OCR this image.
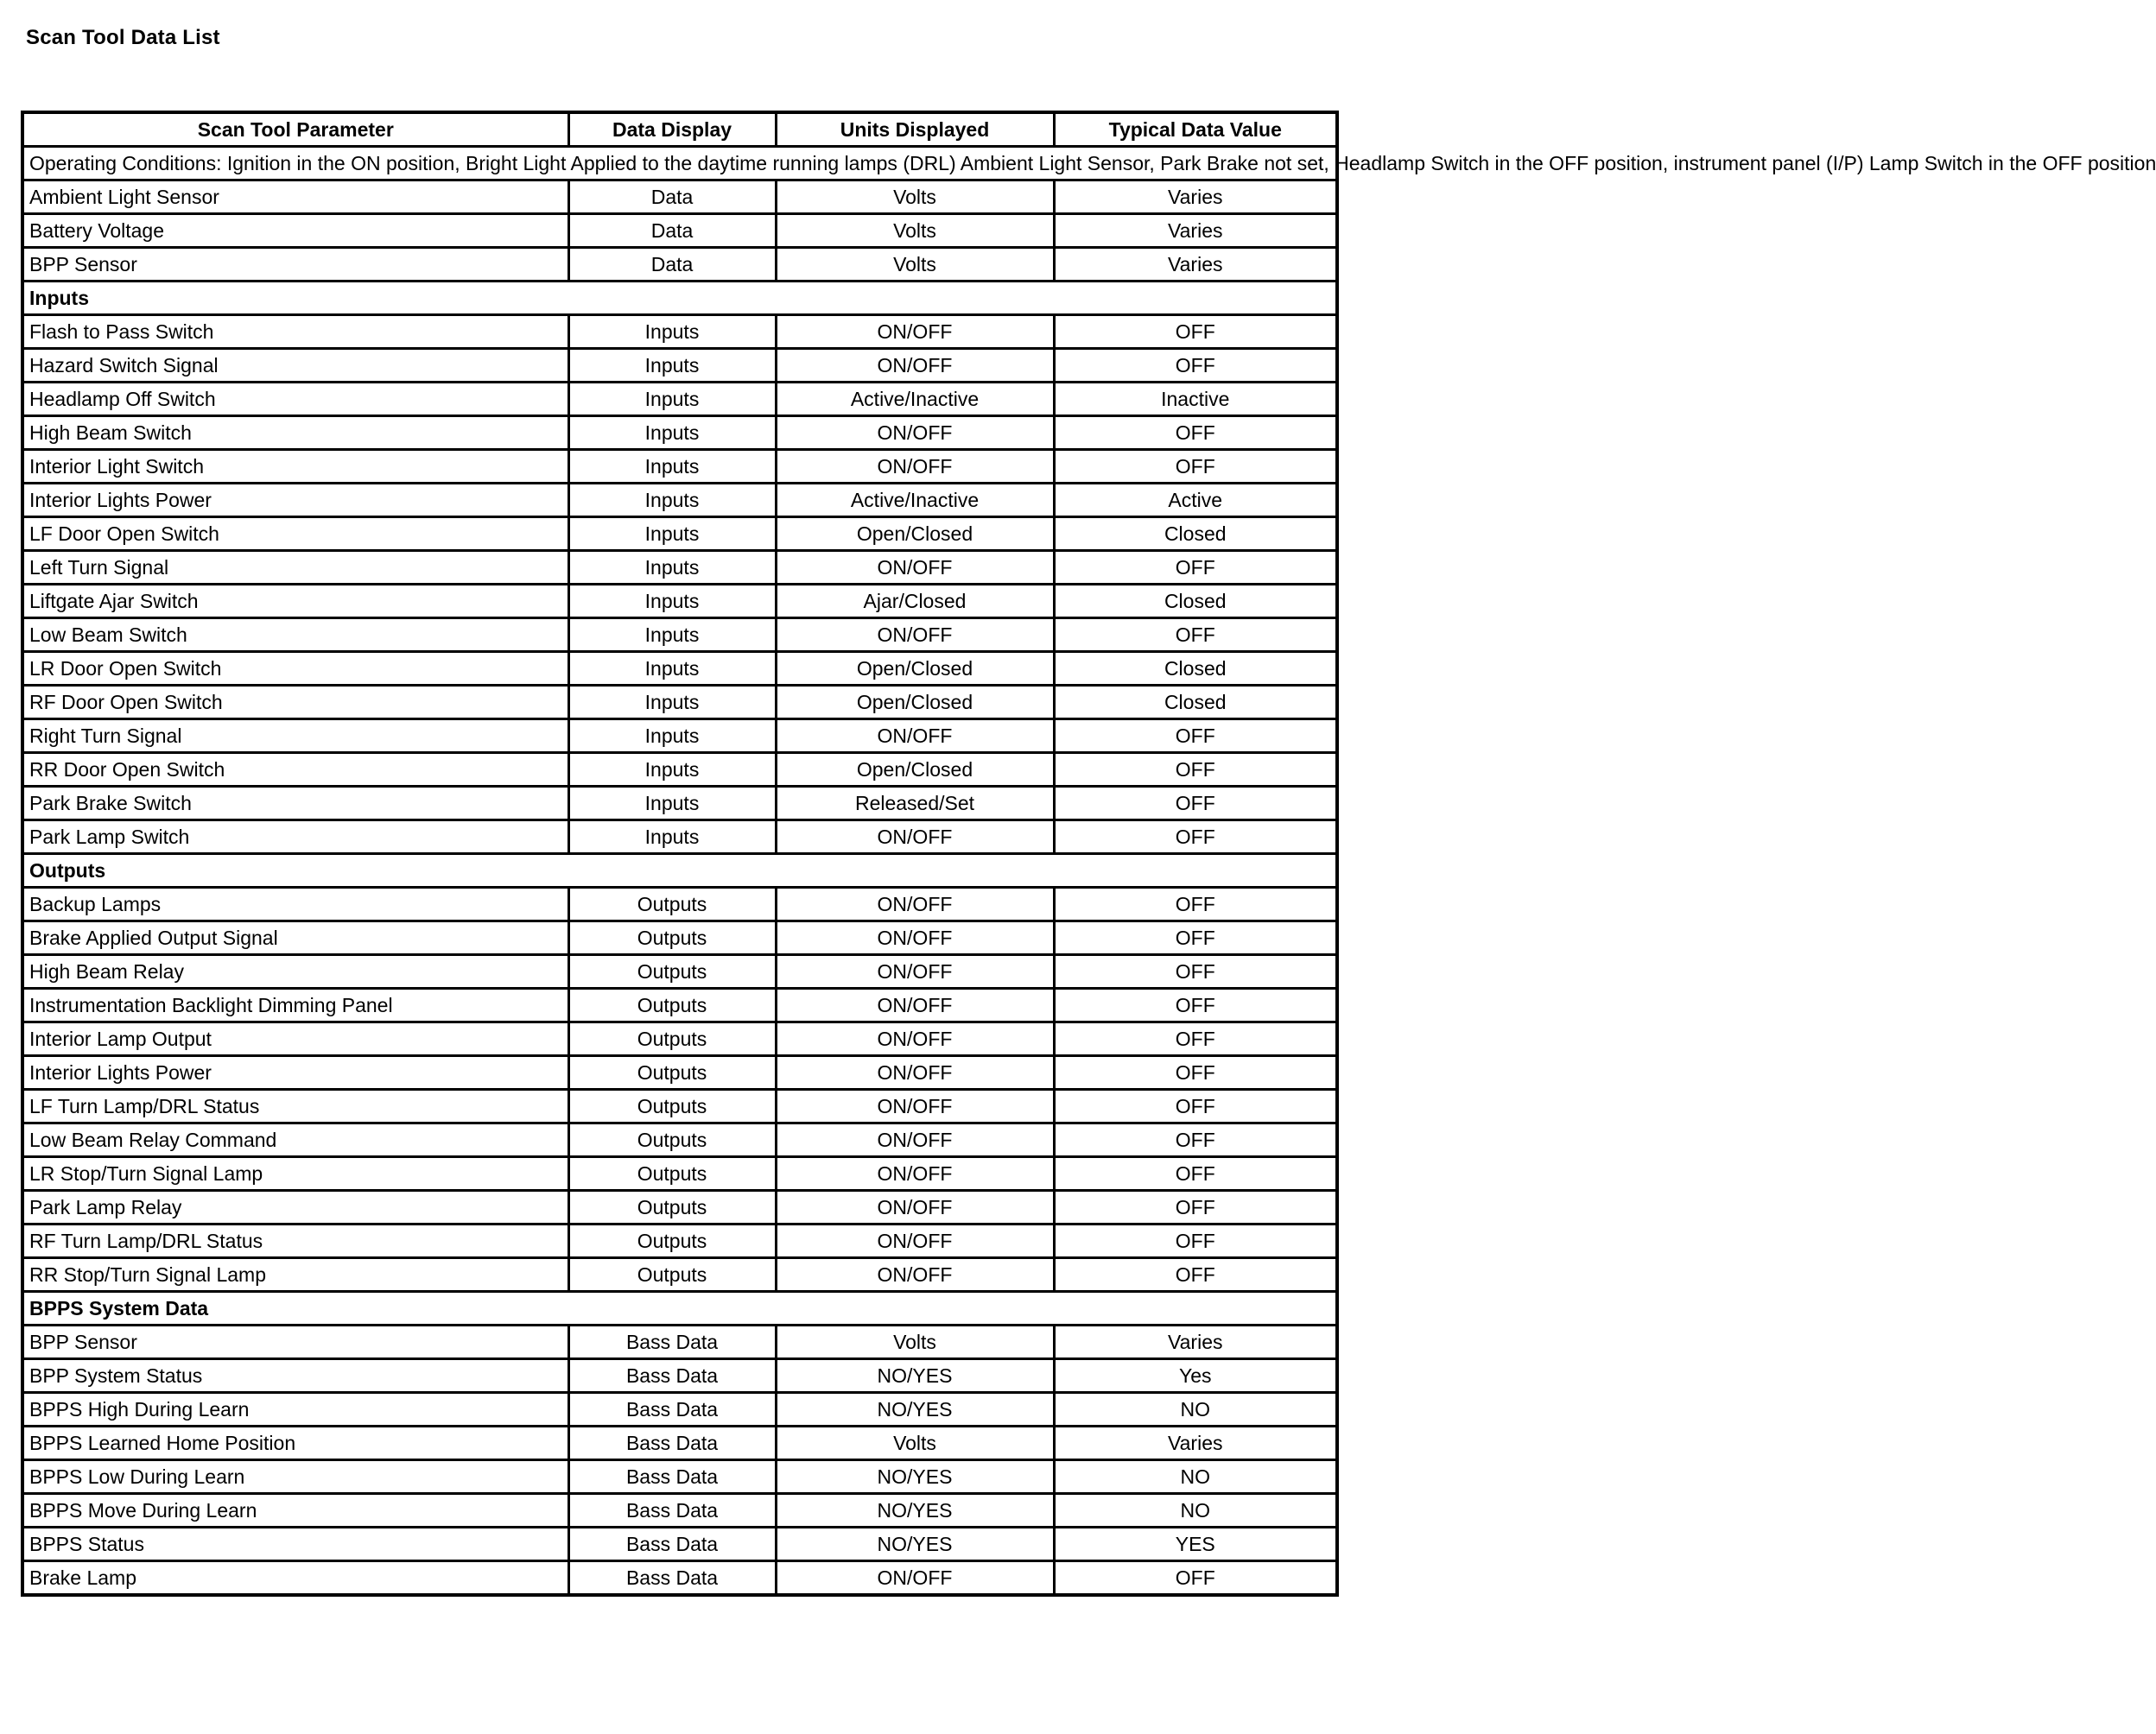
Scan Tool Data List
Scan Tool Parameter	Data Display	Units Displayed	Typical Data Value
Operating Conditions: Ignition in the ON position, Bright Light Applied to the daytime running lamps (DRL) Ambient Light Sensor, Park Brake not set, Headlamp Switch in the OFF position, instrument panel (I/P) Lamp Switch in the OFF position			
Ambient Light Sensor	Data	Volts	Varies
Battery Voltage	Data	Volts	Varies
BPP Sensor	Data	Volts	Varies
Inputs			
Flash to Pass Switch	Inputs	ON/OFF	OFF
Hazard Switch Signal	Inputs	ON/OFF	OFF
Headlamp Off Switch	Inputs	Active/Inactive	Inactive
High Beam Switch	Inputs	ON/OFF	OFF
Interior Light Switch	Inputs	ON/OFF	OFF
Interior Lights Power	Inputs	Active/Inactive	Active
LF Door Open Switch	Inputs	Open/Closed	Closed
Left Turn Signal	Inputs	ON/OFF	OFF
Liftgate Ajar Switch	Inputs	Ajar/Closed	Closed
Low Beam Switch	Inputs	ON/OFF	OFF
LR Door Open Switch	Inputs	Open/Closed	Closed
RF Door Open Switch	Inputs	Open/Closed	Closed
Right Turn Signal	Inputs	ON/OFF	OFF
RR Door Open Switch	Inputs	Open/Closed	OFF
Park Brake Switch	Inputs	Released/Set	OFF
Park Lamp Switch	Inputs	ON/OFF	OFF
Outputs			
Backup Lamps	Outputs	ON/OFF	OFF
Brake Applied Output Signal	Outputs	ON/OFF	OFF
High Beam Relay	Outputs	ON/OFF	OFF
Instrumentation Backlight Dimming Panel	Outputs	ON/OFF	OFF
Interior Lamp Output	Outputs	ON/OFF	OFF
Interior Lights Power	Outputs	ON/OFF	OFF
LF Turn Lamp/DRL Status	Outputs	ON/OFF	OFF
Low Beam Relay Command	Outputs	ON/OFF	OFF
LR Stop/Turn Signal Lamp	Outputs	ON/OFF	OFF
Park Lamp Relay	Outputs	ON/OFF	OFF
RF Turn Lamp/DRL Status	Outputs	ON/OFF	OFF
RR Stop/Turn Signal Lamp	Outputs	ON/OFF	OFF
BPPS System Data			
BPP Sensor	Bass Data	Volts	Varies
BPP System Status	Bass Data	NO/YES	Yes
BPPS High During Learn	Bass Data	NO/YES	NO
BPPS Learned Home Position	Bass Data	Volts	Varies
BPPS Low During Learn	Bass Data	NO/YES	NO
BPPS Move During Learn	Bass Data	NO/YES	NO
BPPS Status	Bass Data	NO/YES	YES
Brake Lamp	Bass Data	ON/OFF	OFF
